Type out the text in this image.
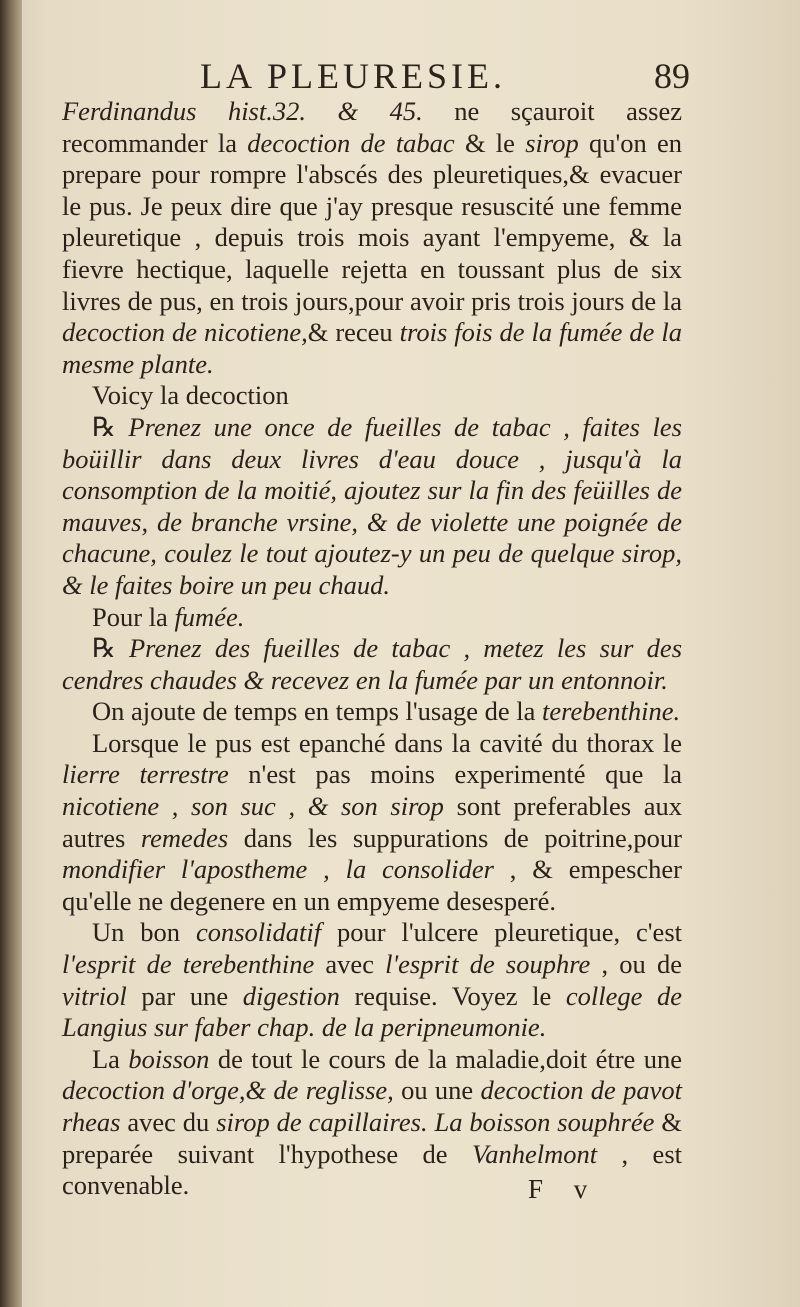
LA PLEURESIE.	89

Ferdinandus hist.32. & 45. ne sçauroit assez recommander la decoction de tabac & le sirop qu'on en prepare pour rompre l'abscés des pleuretiques,& evacuer le pus. Je peux dire que j'ay presque resuscité une femme pleuretique , depuis trois mois ayant l'empyeme, & la fievre hectique, laquelle rejetta en toussant plus de six livres de pus, en trois jours,pour avoir pris trois jours de la decoction de nicotiene,& receu trois fois de la fumée de la mesme plante.

Voicy la decoction

℞ Prenez une once de fueilles de tabac , faites les boüillir dans deux livres d'eau douce , jusqu'à la consomption de la moitié, ajoutez sur la fin des feüilles de mauves, de branche vrsine, & de violette une poignée de chacune, coulez le tout ajoutez-y un peu de quelque sirop, & le faites boire un peu chaud.

Pour la fumée.

℞ Prenez des fueilles de tabac , metez les sur des cendres chaudes & recevez en la fumée par un entonnoir.

On ajoute de temps en temps l'usage de la terebenthine.

Lorsque le pus est epanché dans la cavité du thorax le lierre terrestre n'est pas moins experimenté que la nicotiene , son suc , & son sirop sont preferables aux autres remedes dans les suppurations de poitrine,pour mondifier l'apostheme , la consolider , & empescher qu'elle ne degenere en un empyeme desesperé.

Un bon consolidatif pour l'ulcere pleuretique, c'est l'esprit de terebenthine avec l'esprit de souphre , ou de vitriol par une digestion requise. Voyez le college de Langius sur faber chap. de la peripneumonie.

La boisson de tout le cours de la maladie,doit étre une decoction d'orge,& de reglisse, ou une decoction de pavot rheas avec du sirop de capillaires. La boisson souphrée & preparée suivant l'hypothese de Vanhelmont , est convenable.	F v
